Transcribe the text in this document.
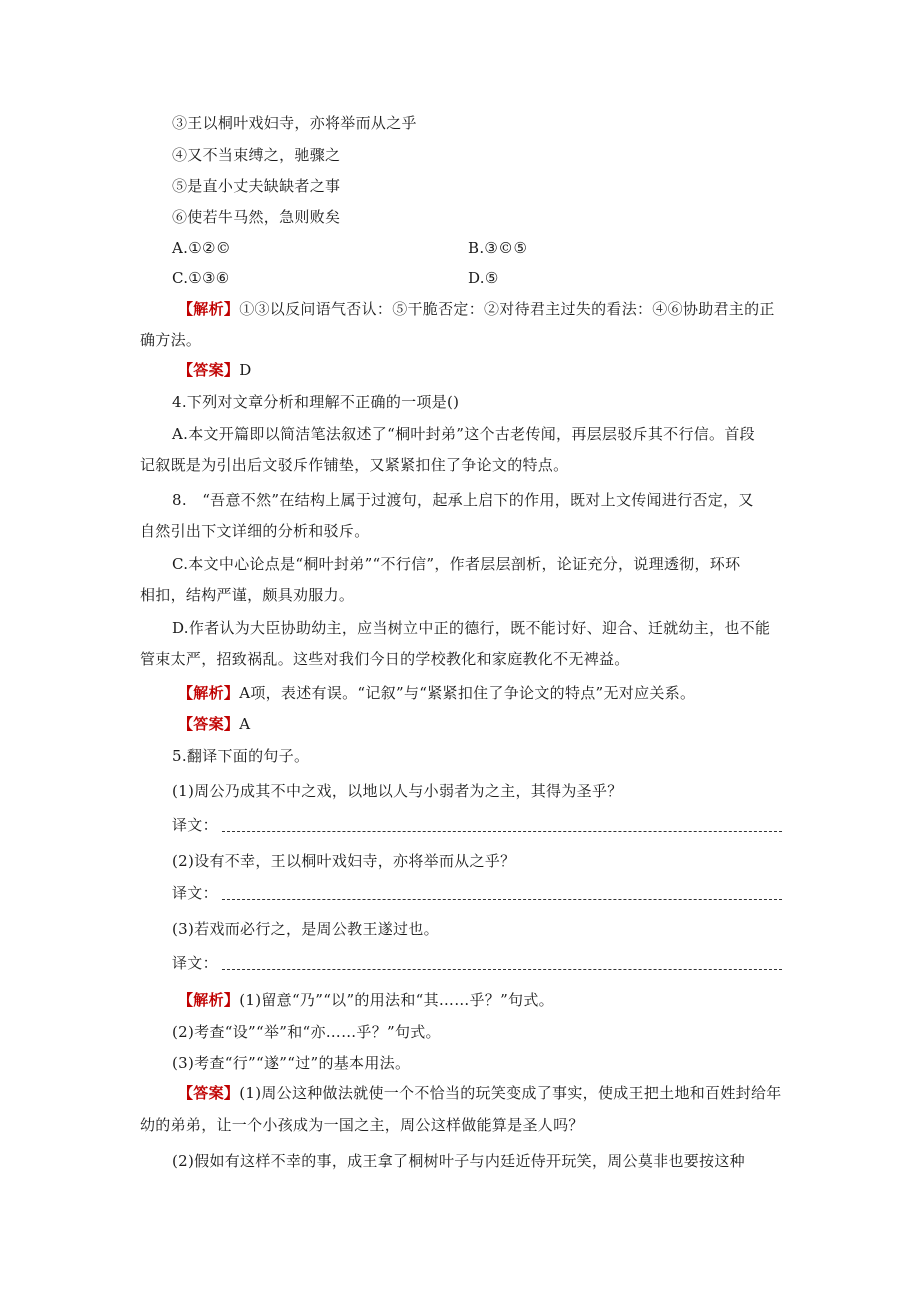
③王以桐叶戏妇寺，亦将举而从之乎
④又不当束缚之，驰骤之
⑤是直小丈夫缺缺者之事
⑥使若牛马然，急则败矣
A.①②©	B.③©⑤
C.①③⑥	D.⑤
【解析】①③以反问语气否认：⑤干脆否定：②对待君主过失的看法：④⑥协助君主的正
确方法。
【答案】D
4.下列对文章分析和理解不正确的一项是()
A.本文开篇即以简洁笔法叙述了“桐叶封弟”这个古老传闻，再层层驳斥其不行信。首段
记叙既是为引出后文驳斥作铺垫，又紧紧扣住了争论文的特点。
8.　“吾意不然”在结构上属于过渡句，起承上启下的作用，既对上文传闻进行否定，又
自然引出下文详细的分析和驳斥。
C.本文中心论点是“桐叶封弟”“不行信”，作者层层剖析，论证充分，说理透彻，环环
相扣，结构严谨，颇具劝服力。
D.作者认为大臣协助幼主，应当树立中正的德行，既不能讨好、迎合、迁就幼主，也不能
管束太严，招致祸乱。这些对我们今日的学校教化和家庭教化不无裨益。
【解析】A项，表述有误。“记叙”与“紧紧扣住了争论文的特点”无对应关系。
【答案】A
5.翻译下面的句子。
(1)周公乃成其不中之戏，以地以人与小弱者为之主，其得为圣乎？
译文：
(2)设有不幸，王以桐叶戏妇寺，亦将举而从之乎？
译文：
(3)若戏而必行之，是周公教王遂过也。
译文：
【解析】(1)留意“乃”“以”的用法和“其……乎？”句式。
(2)考查“设”“举”和“亦……乎？”句式。
(3)考查“行”“遂”“过”的基本用法。
【答案】(1)周公这种做法就使一个不恰当的玩笑变成了事实，使成王把土地和百姓封给年
幼的弟弟，让一个小孩成为一国之主，周公这样做能算是圣人吗？
(2)假如有这样不幸的事，成王拿了桐树叶子与内廷近侍开玩笑，周公莫非也要按这种
